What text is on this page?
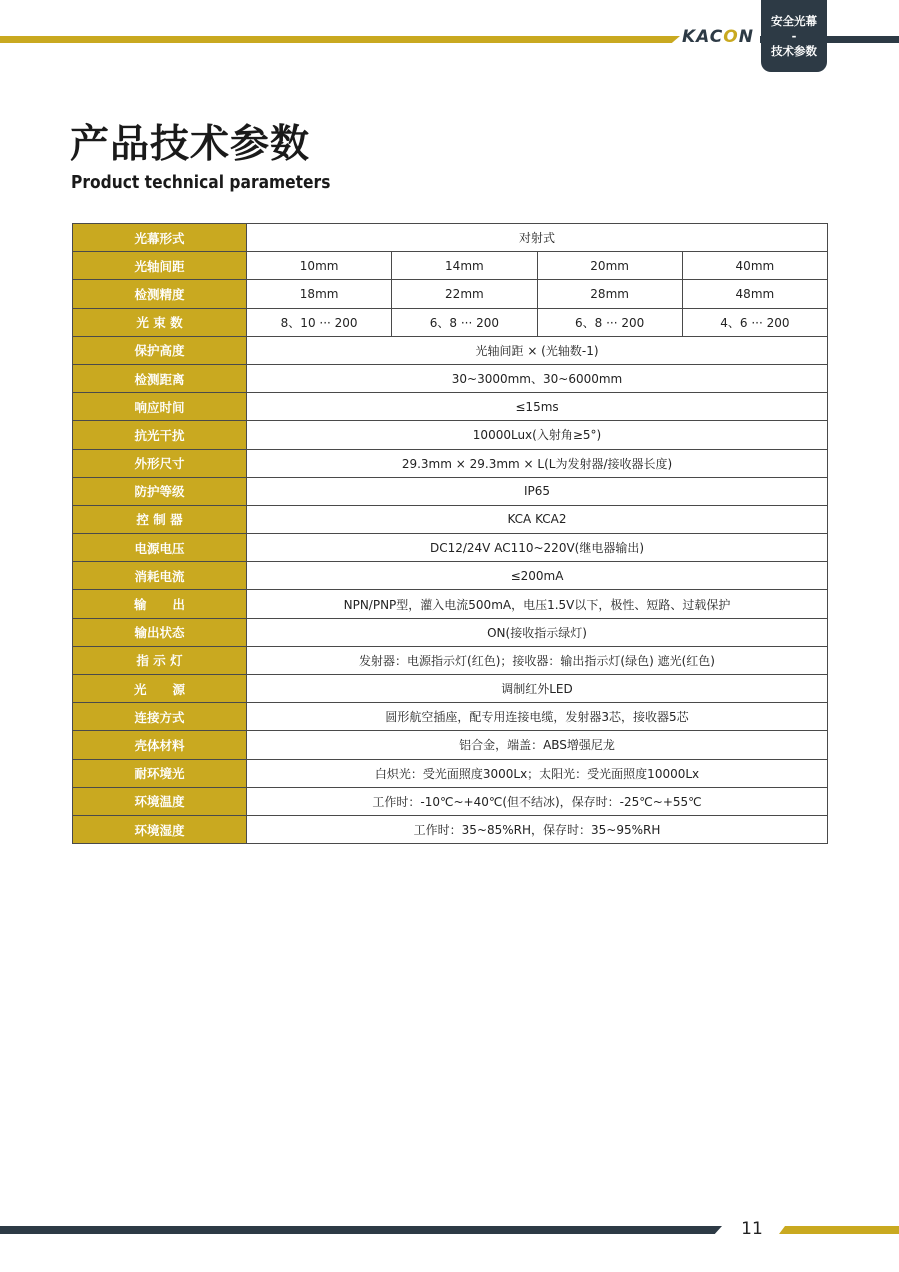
KACON
安全光幕
-
技术参数
产品技术参数
Product technical parameters
光幕形式	对射式			
光轴间距	10mm	14mm	20mm	40mm
检测精度	18mm	22mm	28mm	48mm
光 束 数	8、10 ··· 200	6、8 ··· 200	6、8 ··· 200	4、6 ··· 200
保护高度	光轴间距 × (光轴数-1)			
检测距离	30~3000mm、30~6000mm			
响应时间	≤15ms			
抗光干扰	10000Lux(入射角≥5°)			
外形尺寸	29.3mm × 29.3mm × L(L为发射器/接收器长度)			
防护等级	IP65			
控 制 器	KCA KCA2			
电源电压	DC12/24V AC110~220V(继电器输出)			
消耗电流	≤200mA			
输      出	NPN/PNP型，灌入电流500mA，电压1.5V以下，极性、短路、过载保护			
输出状态	ON(接收指示绿灯)			
指 示 灯	发射器：电源指示灯(红色)；接收器：输出指示灯(绿色) 遮光(红色)			
光      源	调制红外LED			
连接方式	圆形航空插座，配专用连接电缆，发射器3芯，接收器5芯			
壳体材料	铝合金，端盖：ABS增强尼龙			
耐环境光	白炽光：受光面照度3000Lx；太阳光：受光面照度10000Lx			
环境温度	工作时：-10℃~+40℃(但不结冰)，保存时：-25℃~+55℃			
环境湿度	工作时：35~85%RH，保存时：35~95%RH			
11
